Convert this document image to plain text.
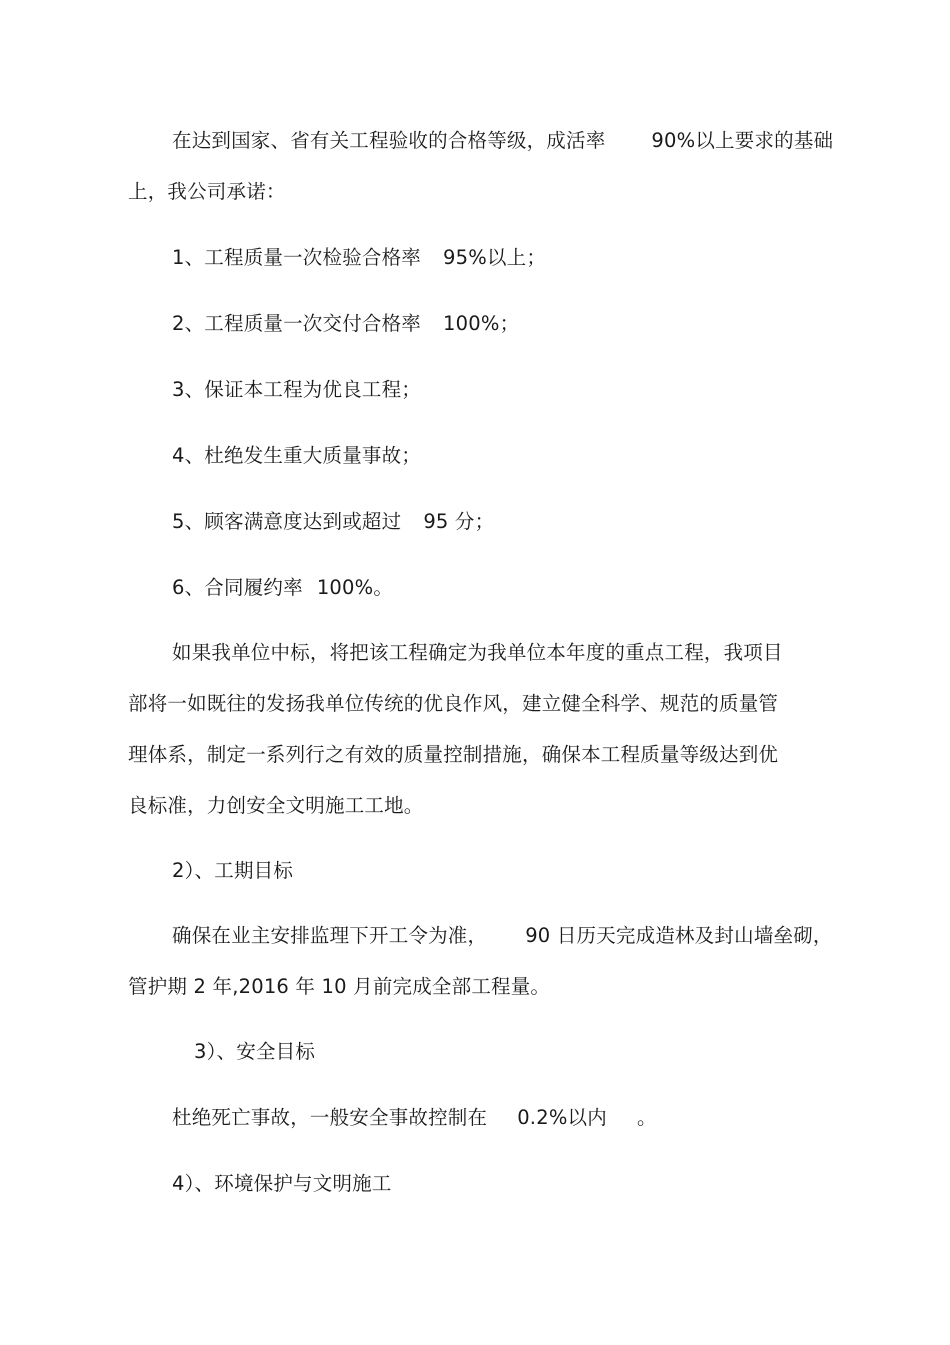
在达到国家、省有关工程验收的合格等级，成活率 90%以上要求的基础
上，我公司承诺：
1、工程质量一次检验合格率 95%以上；
2、工程质量一次交付合格率 100%；
3、保证本工程为优良工程；
4、杜绝发生重大质量事故；
5、顾客满意度达到或超过 95 分；
6、合同履约率 100%。
如果我单位中标，将把该工程确定为我单位本年度的重点工程，我项目
部将一如既往的发扬我单位传统的优良作风，建立健全科学、规范的质量管
理体系，制定一系列行之有效的质量控制措施，确保本工程质量等级达到优
良标准，力创安全文明施工工地。
2）、工期目标
确保在业主安排监理下开工令为准， 90 日历天完成造林及封山墙垒砌，
管护期 2 年,2016 年 10 月前完成全部工程量。
3）、安全目标
杜绝死亡事故，一般安全事故控制在 0.2%以内 。
4）、环境保护与文明施工
